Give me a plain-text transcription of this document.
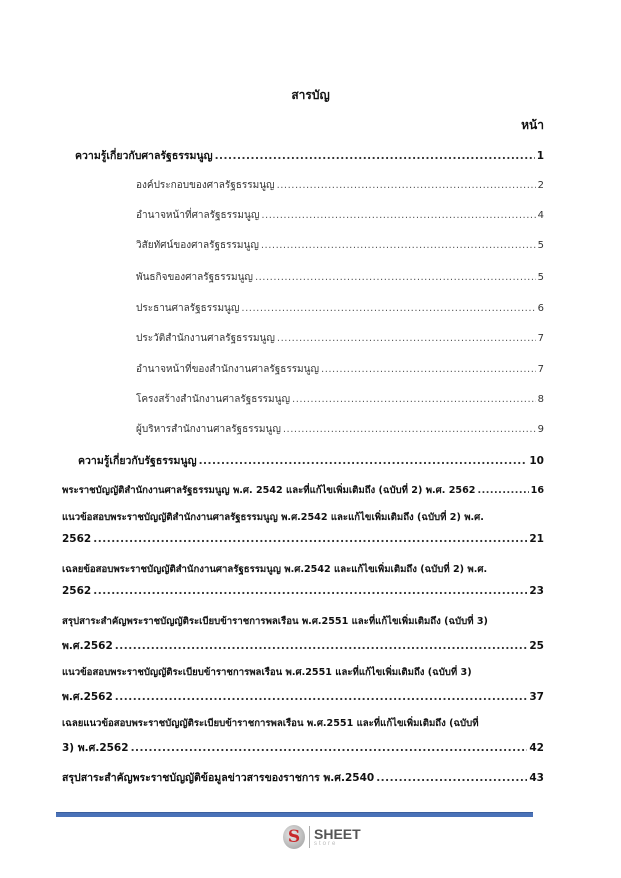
สารบัญ
หน้า
ความรู้เกี่ยวกับศาลรัฐธรรมนูญ .....	1
องค์ประกอบของศาลรัฐธรรมนูญ .....	2
อำนาจหน้าที่ศาลรัฐธรรมนูญ .....	4
วิสัยทัศน์ของศาลรัฐธรรมนูญ .....	5
พันธกิจของศาลรัฐธรรมนูญ .....	5
ประธานศาลรัฐธรรมนูญ .....	6
ประวัติสำนักงานศาลรัฐธรรมนูญ .....	7
อำนาจหน้าที่ของสำนักงานศาลรัฐธรรมนูญ .....	7
โครงสร้างสำนักงานศาลรัฐธรรมนูญ .....	8
ผู้บริหารสำนักงานศาลรัฐธรรมนูญ .....	9
ความรู้เกี่ยวกับรัฐธรรมนูญ .....	10
พระราชบัญญัติสำนักงานศาลรัฐธรรมนูญ พ.ศ. 2542 และที่แก้ไขเพิ่มเติมถึง (ฉบับที่ 2) พ.ศ. 2562 .....	16
แนวข้อสอบพระราชบัญญัติสำนักงานศาลรัฐธรรมนูญ พ.ศ.2542 และแก้ไขเพิ่มเติมถึง (ฉบับที่ 2) พ.ศ.
2562 .....	21
เฉลยข้อสอบพระราชบัญญัติสำนักงานศาลรัฐธรรมนูญ พ.ศ.2542 และแก้ไขเพิ่มเติมถึง (ฉบับที่ 2) พ.ศ.
2562 .....	23
สรุปสาระสำคัญพระราชบัญญัติระเบียบข้าราชการพลเรือน พ.ศ.2551 และที่แก้ไขเพิ่มเติมถึง (ฉบับที่ 3)
พ.ศ.2562 .....	25
แนวข้อสอบพระราชบัญญัติระเบียบข้าราชการพลเรือน พ.ศ.2551 และที่แก้ไขเพิ่มเติมถึง (ฉบับที่ 3)
พ.ศ.2562 .....	37
เฉลยแนวข้อสอบพระราชบัญญัติระเบียบข้าราชการพลเรือน พ.ศ.2551 และที่แก้ไขเพิ่มเติมถึง (ฉบับที่
3) พ.ศ.2562 .....	42
สรุปสาระสำคัญพระราชบัญญัติข้อมูลข่าวสารของราชการ พ.ศ.2540 .....	43
S SHEET
store
